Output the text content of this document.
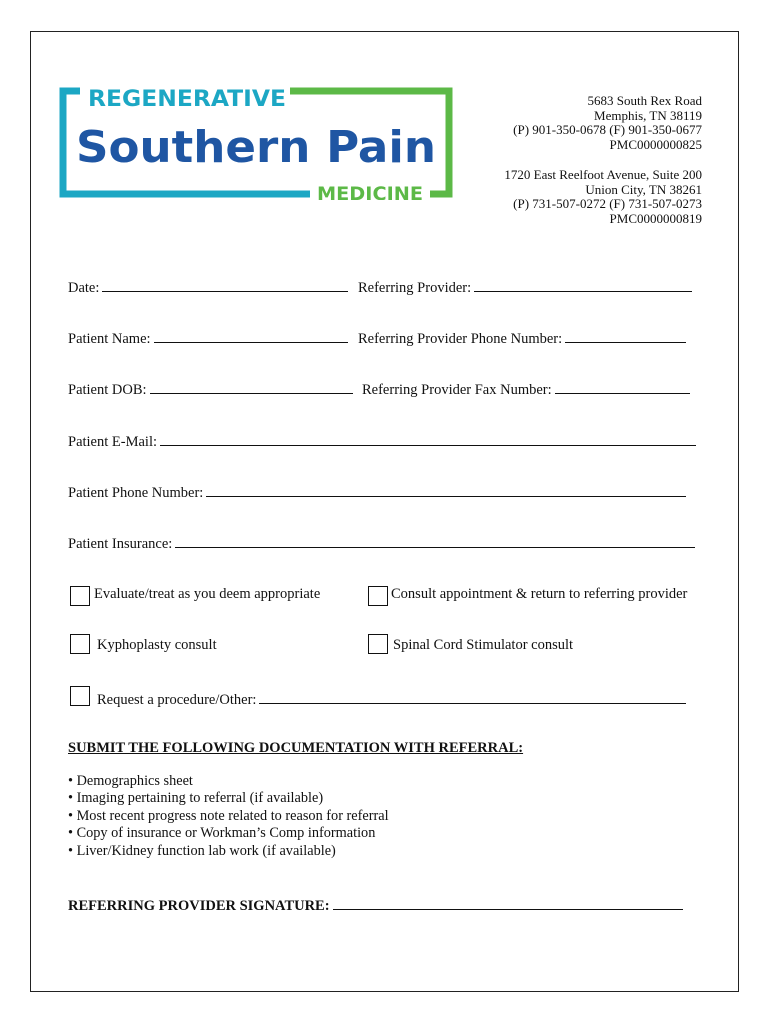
REGENERATIVE
Southern Pain
MEDICINE
5683 South Rex Road
Memphis, TN 38119
(P) 901-350-0678 (F) 901-350-0677
PMC0000000825
1720 East Reelfoot Avenue, Suite 200
Union City, TN 38261
(P) 731-507-0272 (F) 731-507-0273
PMC0000000819
Date:	Referring Provider:
Patient Name:	Referring Provider Phone Number:
Patient DOB:	Referring Provider Fax Number:
Patient E-Mail:
Patient Phone Number:
Patient Insurance:
Evaluate/treat as you deem appropriate	Consult appointment & return to referring provider
Kyphoplasty consult	Spinal Cord Stimulator consult
Request a procedure/Other:
SUBMIT THE FOLLOWING DOCUMENTATION WITH REFERRAL:
• Demographics sheet
• Imaging pertaining to referral (if available)
• Most recent progress note related to reason for referral
• Copy of insurance or Workman’s Comp information
• Liver/Kidney function lab work (if available)
REFERRING PROVIDER SIGNATURE:
